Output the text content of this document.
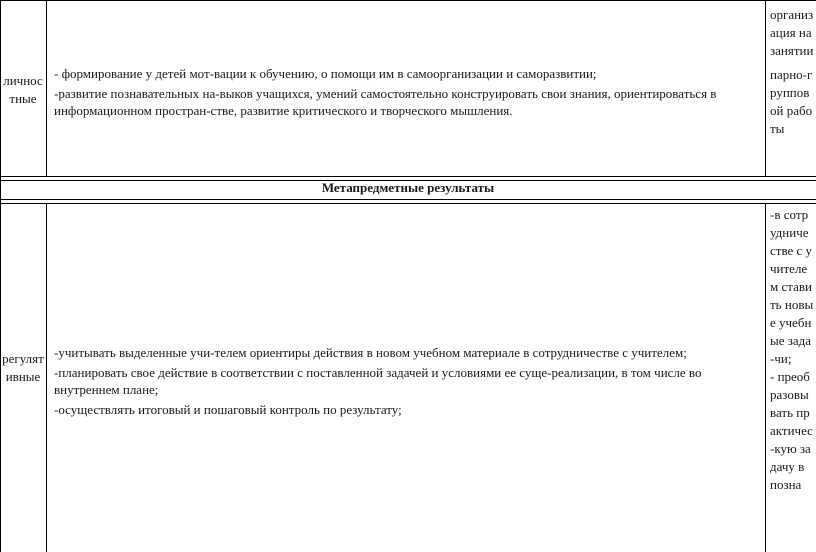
личностные

- формирование у детей мот-вации к обучению, о помощи им в самоорганизации и саморазвитии;

-развитие познавательных на-выков учащихся, умений самостоятельно конструировать свои знания, ориентироваться в информационном простран-стве, развитие критического и творческого мышления.

организация на занятии

парно-групповой работы

Метапредметные результаты
регулятивные

-учитывать выделенные учи-телем ориентиры действия в новом учебном материале в сотрудничестве с учителем;

-планировать свое действие в соответствии с поставленной задачей и условиями ее суще-реализации, в том числе во внутреннем плане;

-осуществлять итоговый и пошаговый контроль по результату;

-в сотрудничестве с учителем ставить новые учебные зада-чи;

- преобразовывать практичес-кую задачу в позна
